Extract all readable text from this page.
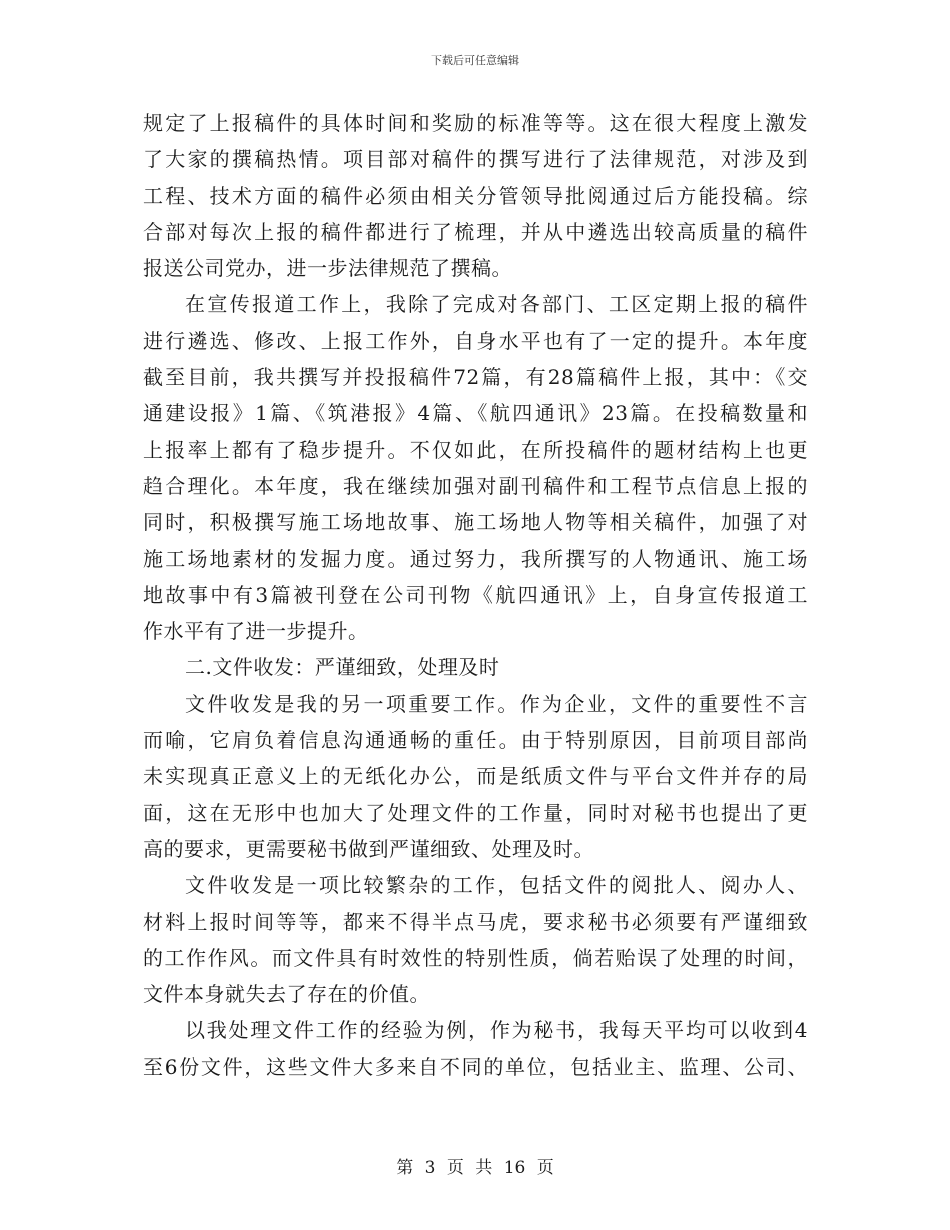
下载后可任意编辑
规定了上报稿件的具体时间和奖励的标准等等。这在很大程度上激发
了大家的撰稿热情。项目部对稿件的撰写进行了法律规范，对涉及到
工程、技术方面的稿件必须由相关分管领导批阅通过后方能投稿。综
合部对每次上报的稿件都进行了梳理，并从中遴选出较高质量的稿件
报送公司党办，进一步法律规范了撰稿。
在宣传报道工作上，我除了完成对各部门、工区定期上报的稿件
进行遴选、修改、上报工作外，自身水平也有了一定的提升。本年度
截至目前，我共撰写并投报稿件72篇，有28篇稿件上报，其中：《交
通建设报》1篇、《筑港报》4篇、《航四通讯》23篇。在投稿数量和
上报率上都有了稳步提升。不仅如此，在所投稿件的题材结构上也更
趋合理化。本年度，我在继续加强对副刊稿件和工程节点信息上报的
同时，积极撰写施工场地故事、施工场地人物等相关稿件，加强了对
施工场地素材的发掘力度。通过努力，我所撰写的人物通讯、施工场
地故事中有3篇被刊登在公司刊物《航四通讯》上，自身宣传报道工
作水平有了进一步提升。
二.文件收发：严谨细致，处理及时
文件收发是我的另一项重要工作。作为企业，文件的重要性不言
而喻，它肩负着信息沟通通畅的重任。由于特别原因，目前项目部尚
未实现真正意义上的无纸化办公，而是纸质文件与平台文件并存的局
面，这在无形中也加大了处理文件的工作量，同时对秘书也提出了更
高的要求，更需要秘书做到严谨细致、处理及时。
文件收发是一项比较繁杂的工作，包括文件的阅批人、阅办人、
材料上报时间等等，都来不得半点马虎，要求秘书必须要有严谨细致
的工作作风。而文件具有时效性的特别性质，倘若贻误了处理的时间，
文件本身就失去了存在的价值。
以我处理文件工作的经验为例，作为秘书，我每天平均可以收到4
至6份文件，这些文件大多来自不同的单位，包括业主、监理、公司、
第 3 页 共 16 页
